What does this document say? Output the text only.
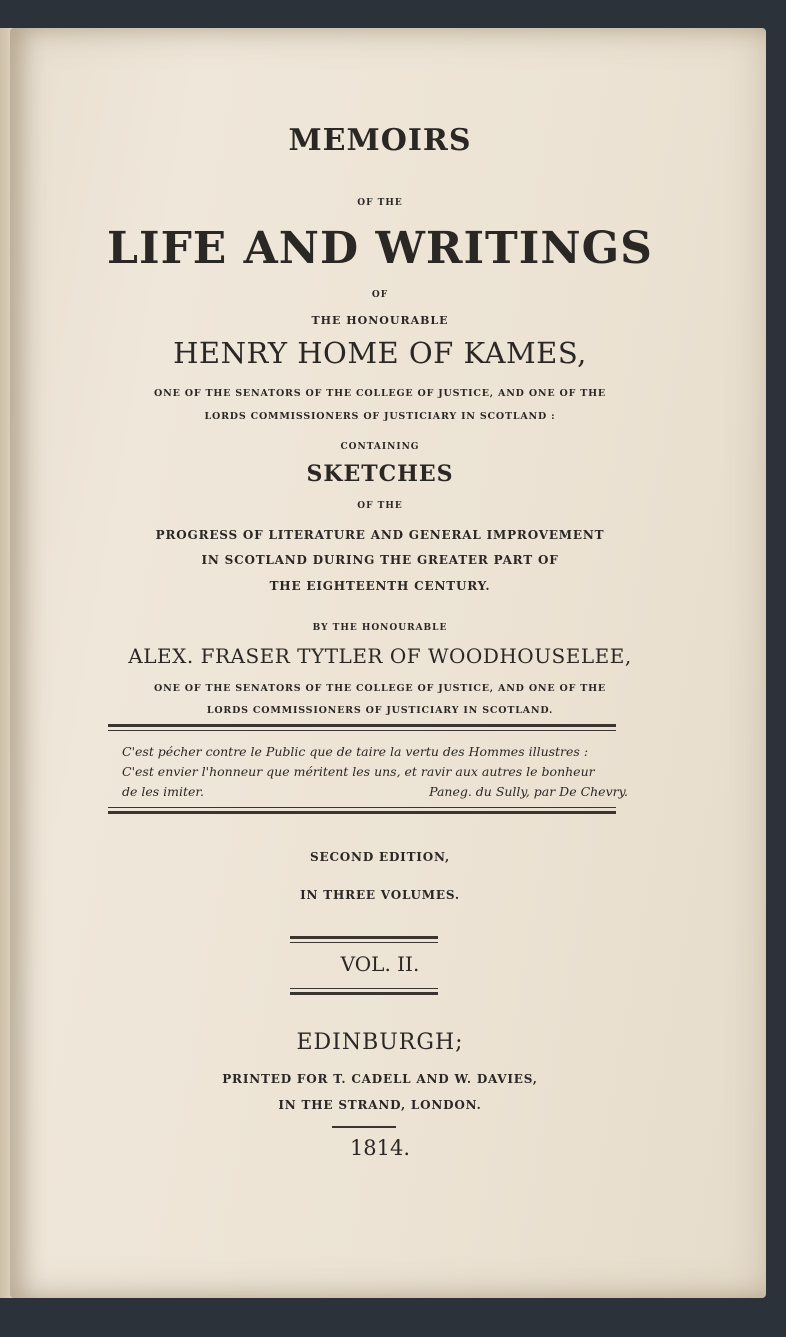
MEMOIRS
OF THE
LIFE AND WRITINGS
OF
THE HONOURABLE
HENRY HOME OF KAMES,
ONE OF THE SENATORS OF THE COLLEGE OF JUSTICE, AND ONE OF THE
LORDS COMMISSIONERS OF JUSTICIARY IN SCOTLAND :
CONTAINING
SKETCHES
OF THE
PROGRESS OF LITERATURE AND GENERAL IMPROVEMENT
IN SCOTLAND DURING THE GREATER PART OF
THE EIGHTEENTH CENTURY.
BY THE HONOURABLE
ALEX. FRASER TYTLER OF WOODHOUSELEE,
ONE OF THE SENATORS OF THE COLLEGE OF JUSTICE, AND ONE OF THE
LORDS COMMISSIONERS OF JUSTICIARY IN SCOTLAND.
C'est pécher contre le Public que de taire la vertu des Hommes illustres :
C'est envier l'honneur que méritent les uns, et ravir aux autres le bonheur
de les imiter.	Paneg. du Sully, par De Chevry.
SECOND EDITION,
IN THREE VOLUMES.
VOL. II.
EDINBURGH;
PRINTED FOR T. CADELL AND W. DAVIES,
IN THE STRAND, LONDON.
1814.
